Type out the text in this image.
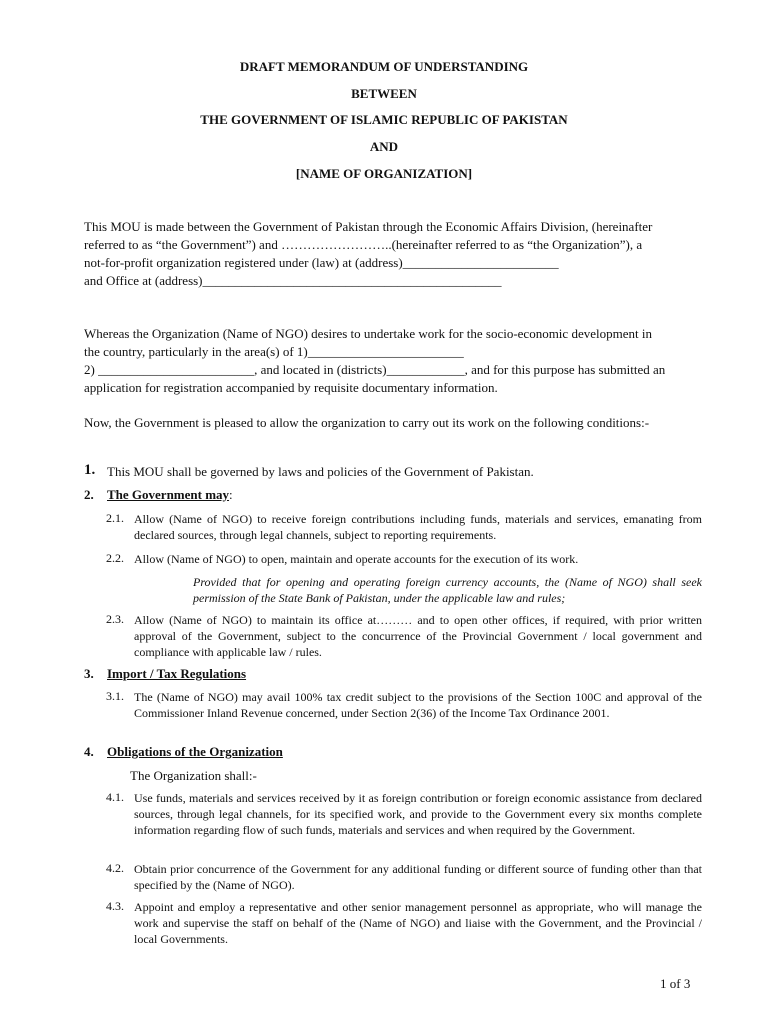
DRAFT MEMORANDUM OF UNDERSTANDING

BETWEEN

THE GOVERNMENT OF ISLAMIC REPUBLIC OF PAKISTAN

AND

[NAME OF ORGANIZATION]

This MOU is made between the Government of Pakistan through the Economic Affairs Division, (hereinafter
referred to as “the Government”) and ……………………..(hereinafter referred to as “the Organization”), a
not-for-profit organization registered under (law) at (address)________________________
and Office at (address)______________________________________________
Whereas the Organization (Name of NGO) desires to undertake work for the socio-economic development in
the country, particularly in the area(s) of 1)________________________
2) ________________________, and located in (districts)____________, and for this purpose has submitted an
application for registration accompanied by requisite documentary information.

Now, the Government is pleased to allow the organization to carry out its work on the following conditions:-

1. This MOU shall be governed by laws and policies of the Government of Pakistan.
2. The Government may:
2.1. Allow (Name of NGO) to receive foreign contributions including funds, materials and services, emanating from declared sources, through legal channels, subject to reporting requirements.

2.2. Allow (Name of NGO) to open, maintain and operate accounts for the execution of its work.

Provided that for opening and operating foreign currency accounts, the (Name of NGO) shall seek permission of the State Bank of Pakistan, under the applicable law and rules;

2.3. Allow (Name of NGO) to maintain its office at……… and to open other offices, if required, with prior written approval of the Government, subject to the concurrence of the Provincial Government / local government and compliance with applicable law / rules.

3. Import / Tax Regulations
3.1. The (Name of NGO) may avail 100% tax credit subject to the provisions of the Section 100C and approval of the Commissioner Inland Revenue concerned, under Section 2(36) of the Income Tax Ordinance 2001.

4. Obligations of the Organization
The Organization shall:-
4.1. Use funds, materials and services received by it as foreign contribution or foreign economic assistance from declared sources, through legal channels, for its specified work, and provide to the Government every six months complete information regarding flow of such funds, materials and services and when required by the Government.

4.2. Obtain prior concurrence of the Government for any additional funding or different source of funding other than that specified by the (Name of NGO).

4.3. Appoint and employ a representative and other senior management personnel as appropriate, who will manage the work and supervise the staff on behalf of the (Name of NGO) and liaise with the Government, and the Provincial / local Governments.

1 of 3
